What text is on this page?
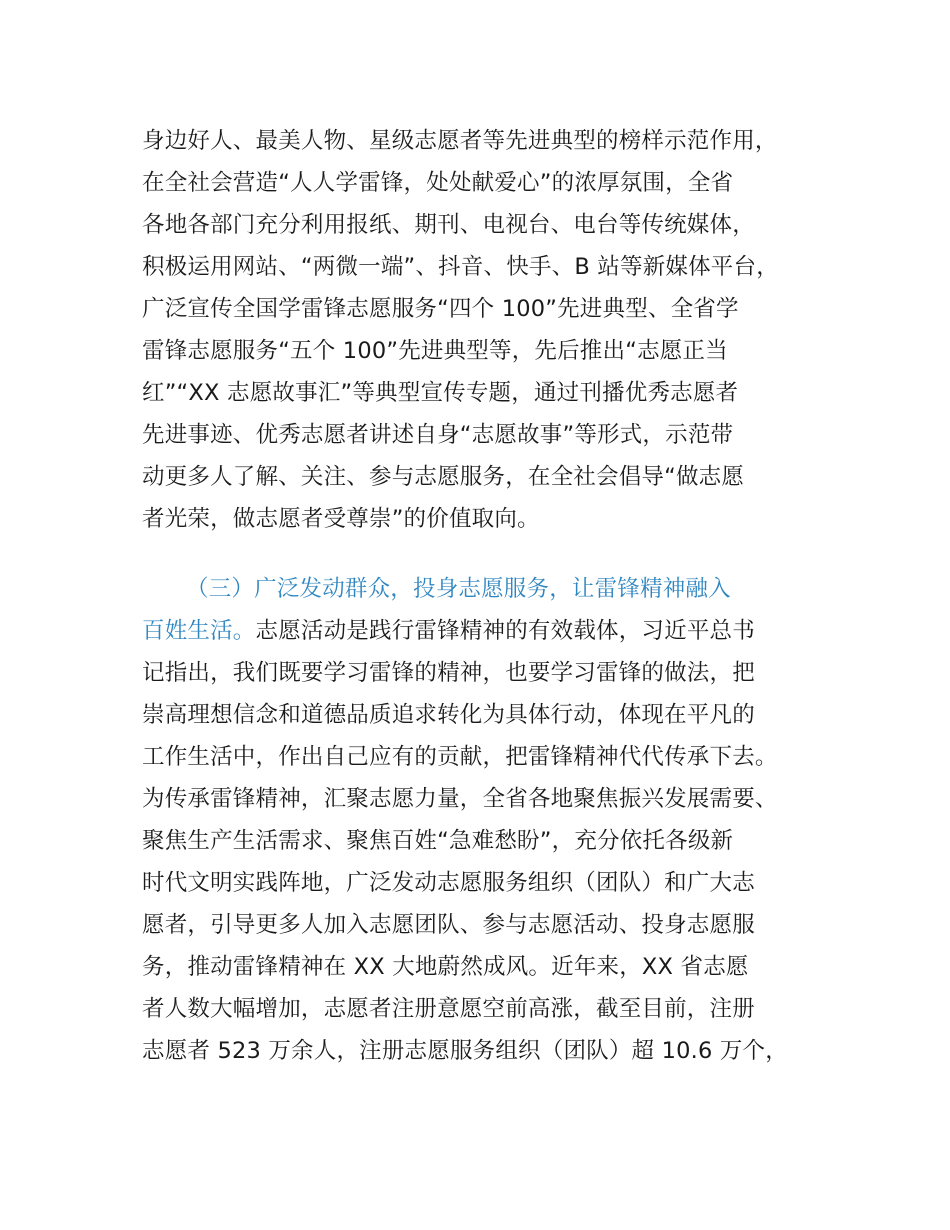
身边好人、最美人物、星级志愿者等先进典型的榜样示范作用，
在全社会营造“人人学雷锋，处处献爱心”的浓厚氛围，全省
各地各部门充分利用报纸、期刊、电视台、电台等传统媒体，
积极运用网站、“两微一端”、抖音、快手、B 站等新媒体平台，
广泛宣传全国学雷锋志愿服务“四个 100”先进典型、全省学
雷锋志愿服务“五个 100”先进典型等，先后推出“志愿正当
红”“XX 志愿故事汇”等典型宣传专题，通过刊播优秀志愿者
先进事迹、优秀志愿者讲述自身“志愿故事”等形式，示范带
动更多人了解、关注、参与志愿服务，在全社会倡导“做志愿
者光荣，做志愿者受尊崇”的价值取向。
（三）广泛发动群众，投身志愿服务，让雷锋精神融入
百姓生活。志愿活动是践行雷锋精神的有效载体，习近平总书
记指出，我们既要学习雷锋的精神，也要学习雷锋的做法，把
崇高理想信念和道德品质追求转化为具体行动，体现在平凡的
工作生活中，作出自己应有的贡献，把雷锋精神代代传承下去。
为传承雷锋精神，汇聚志愿力量，全省各地聚焦振兴发展需要、
聚焦生产生活需求、聚焦百姓“急难愁盼”，充分依托各级新
时代文明实践阵地，广泛发动志愿服务组织（团队）和广大志
愿者，引导更多人加入志愿团队、参与志愿活动、投身志愿服
务，推动雷锋精神在 XX 大地蔚然成风。近年来，XX 省志愿
者人数大幅增加，志愿者注册意愿空前高涨，截至目前，注册
志愿者 523 万余人，注册志愿服务组织（团队）超 10.6 万个，
